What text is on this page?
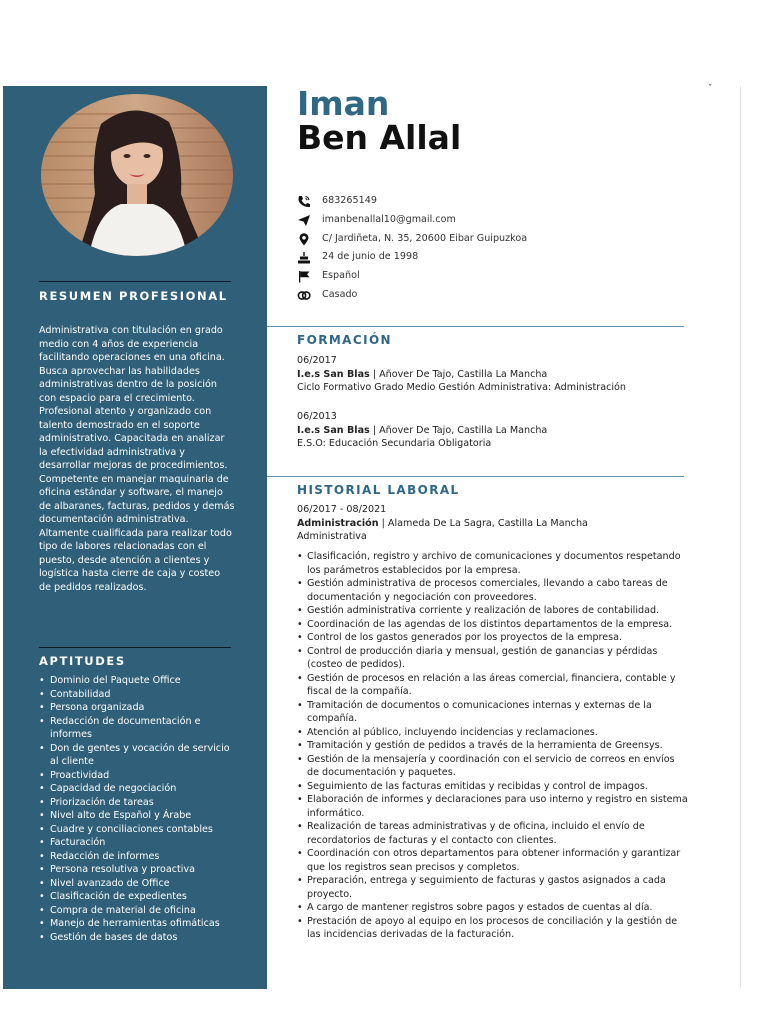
RESUMEN PROFESIONAL

Administrativa con titulación en grado medio con 4 años de experiencia facilitando operaciones en una oficina. Busca aprovechar las habilidades administrativas dentro de la posición con espacio para el crecimiento.

Profesional atento y organizado con talento demostrado en el soporte administrativo. Capacitada en analizar la efectividad administrativa y desarrollar mejoras de procedimientos. Competente en manejar maquinaria de oficina estándar y software, el manejo de albaranes, facturas, pedidos y demás documentación administrativa. Altamente cualificada para realizar todo tipo de labores relacionadas con el puesto, desde atención a clientes y logística hasta cierre de caja y costeo de pedidos realizados.

APTITUDES
• Dominio del Paquete Office
• Contabilidad
• Persona organizada
• Redacción de documentación e informes
• Don de gentes y vocación de servicio al cliente
• Proactividad
• Capacidad de negociación
• Priorización de tareas
• Nivel alto de Español y Árabe
• Cuadre y conciliaciones contables
• Facturación
• Redacción de informes
• Persona resolutiva y proactiva
• Nivel avanzado de Office
• Clasificación de expedientes
• Compra de material de oficina
• Manejo de herramientas ofimáticas
• Gestión de bases de datos
ˇ
Iman
Ben Allal
683265149
imanbenallal10@gmail.com
C/ Jardiñeta, N. 35, 20600 Eibar Guipuzkoa
24 de junio de 1998
Español
Casado
FORMACIÓN
06/2017
I.e.s San Blas | Añover De Tajo, Castilla La Mancha
Ciclo Formativo Grado Medio Gestión Administrativa: Administración
06/2013
I.e.s San Blas | Añover De Tajo, Castilla La Mancha
E.S.O: Educación Secundaria Obligatoria
HISTORIAL LABORAL
06/2017 - 08/2021
Administración | Alameda De La Sagra, Castilla La Mancha
Administrativa
• Clasificación, registro y archivo de comunicaciones y documentos respetando los parámetros establecidos por la empresa.
• Gestión administrativa de procesos comerciales, llevando a cabo tareas de documentación y negociación con proveedores.
• Gestión administrativa corriente y realización de labores de contabilidad.
• Coordinación de las agendas de los distintos departamentos de la empresa.
• Control de los gastos generados por los proyectos de la empresa.
• Control de producción diaria y mensual, gestión de ganancias y pérdidas (costeo de pedidos).
• Gestión de procesos en relación a las áreas comercial, financiera, contable y fiscal de la compañía.
• Tramitación de documentos o comunicaciones internas y externas de la compañía.
• Atención al público, incluyendo incidencias y reclamaciones.
• Tramitación y gestión de pedidos a través de la herramienta de Greensys.
• Gestión de la mensajería y coordinación con el servicio de correos en envíos de documentación y paquetes.
• Seguimiento de las facturas emitidas y recibidas y control de impagos.
• Elaboración de informes y declaraciones para uso interno y registro en sistema informático.
• Realización de tareas administrativas y de oficina, incluido el envío de recordatorios de facturas y el contacto con clientes.
• Coordinación con otros departamentos para obtener información y garantizar que los registros sean precisos y completos.
• Preparación, entrega y seguimiento de facturas y gastos asignados a cada proyecto.
• A cargo de mantener registros sobre pagos y estados de cuentas al día.
• Prestación de apoyo al equipo en los procesos de conciliación y la gestión de las incidencias derivadas de la facturación.
